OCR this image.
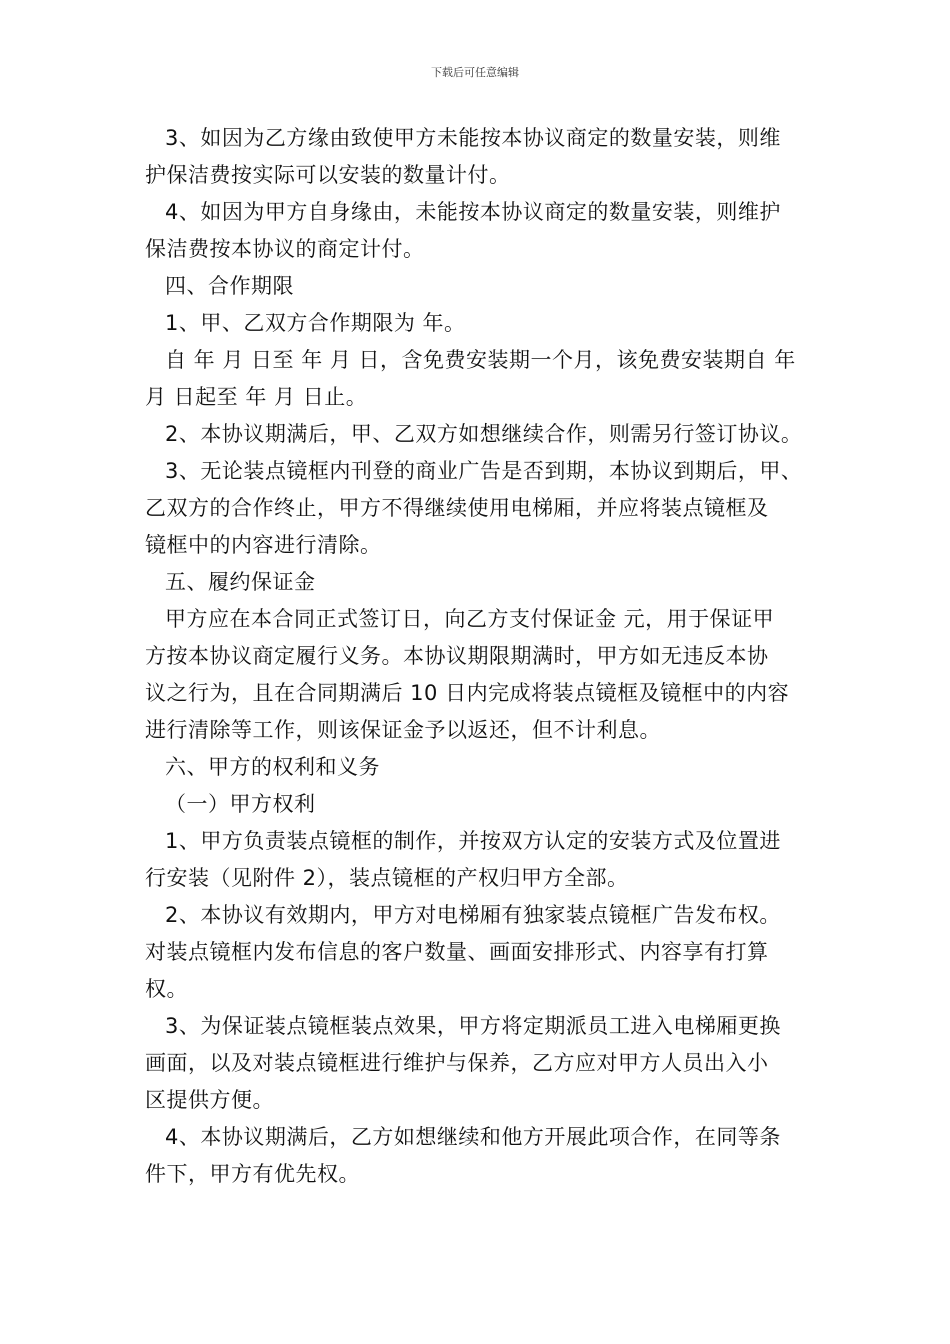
下载后可任意编辑

3、如因为乙方缘由致使甲方未能按本协议商定的数量安装，则维

护保洁费按实际可以安装的数量计付。

4、如因为甲方自身缘由，未能按本协议商定的数量安装，则维护

保洁费按本协议的商定计付。

四、合作期限

1、甲、乙双方合作期限为 年。

自 年 月 日至 年 月 日，含免费安装期一个月，该免费安装期自 年

月 日起至 年 月 日止。

2、本协议期满后，甲、乙双方如想继续合作，则需另行签订协议。

3、无论装点镜框内刊登的商业广告是否到期，本协议到期后，甲、

乙双方的合作终止，甲方不得继续使用电梯厢，并应将装点镜框及

镜框中的内容进行清除。

五、履约保证金

甲方应在本合同正式签订日，向乙方支付保证金 元，用于保证甲

方按本协议商定履行义务。本协议期限期满时，甲方如无违反本协

议之行为，且在合同期满后 10 日内完成将装点镜框及镜框中的内容

进行清除等工作，则该保证金予以返还，但不计利息。

六、甲方的权利和义务

（一）甲方权利

1、甲方负责装点镜框的制作，并按双方认定的安装方式及位置进

行安装（见附件 2），装点镜框的产权归甲方全部。

2、本协议有效期内，甲方对电梯厢有独家装点镜框广告发布权。

对装点镜框内发布信息的客户数量、画面安排形式、内容享有打算

权。

3、为保证装点镜框装点效果，甲方将定期派员工进入电梯厢更换

画面，以及对装点镜框进行维护与保养，乙方应对甲方人员出入小

区提供方便。

4、本协议期满后，乙方如想继续和他方开展此项合作，在同等条

件下，甲方有优先权。
